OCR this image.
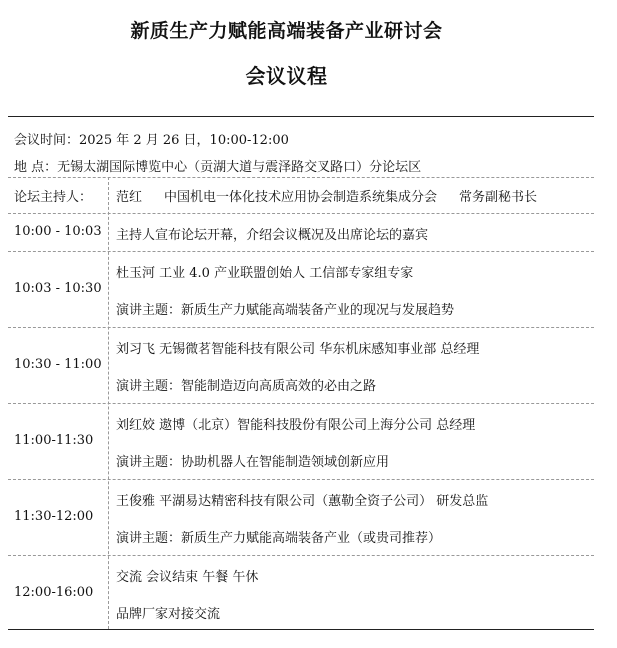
新质生产力赋能高端装备产业研讨会
会议议程
会议时间：2025 年 2 月 26 日，10:00-12:00
地 点：无锡太湖国际博览中心（贡湖大道与震泽路交叉路口）分论坛区
论坛主持人： 范红 中国机电一体化技术应用协会制造系统集成分会 常务副秘书长
10:00 - 10:03 主持人宣布论坛开幕，介绍会议概况及出席论坛的嘉宾
10:03 - 10:30
杜玉河 工业 4.0 产业联盟创始人 工信部专家组专家
演讲主题：新质生产力赋能高端装备产业的现况与发展趋势
10:30 - 11:00
刘习飞 无锡微茗智能科技有限公司 华东机床感知事业部 总经理
演讲主题：智能制造迈向高质高效的必由之路
11:00-11:30
刘红姣 遨博（北京）智能科技股份有限公司上海分公司 总经理
演讲主题：协助机器人在智能制造领域创新应用
11:30-12:00
王俊雅 平湖易达精密科技有限公司（蕙勒全资子公司） 研发总监
演讲主题：新质生产力赋能高端装备产业（或贵司推荐）
12:00-16:00
交流 会议结束 午餐 午休
品牌厂家对接交流
